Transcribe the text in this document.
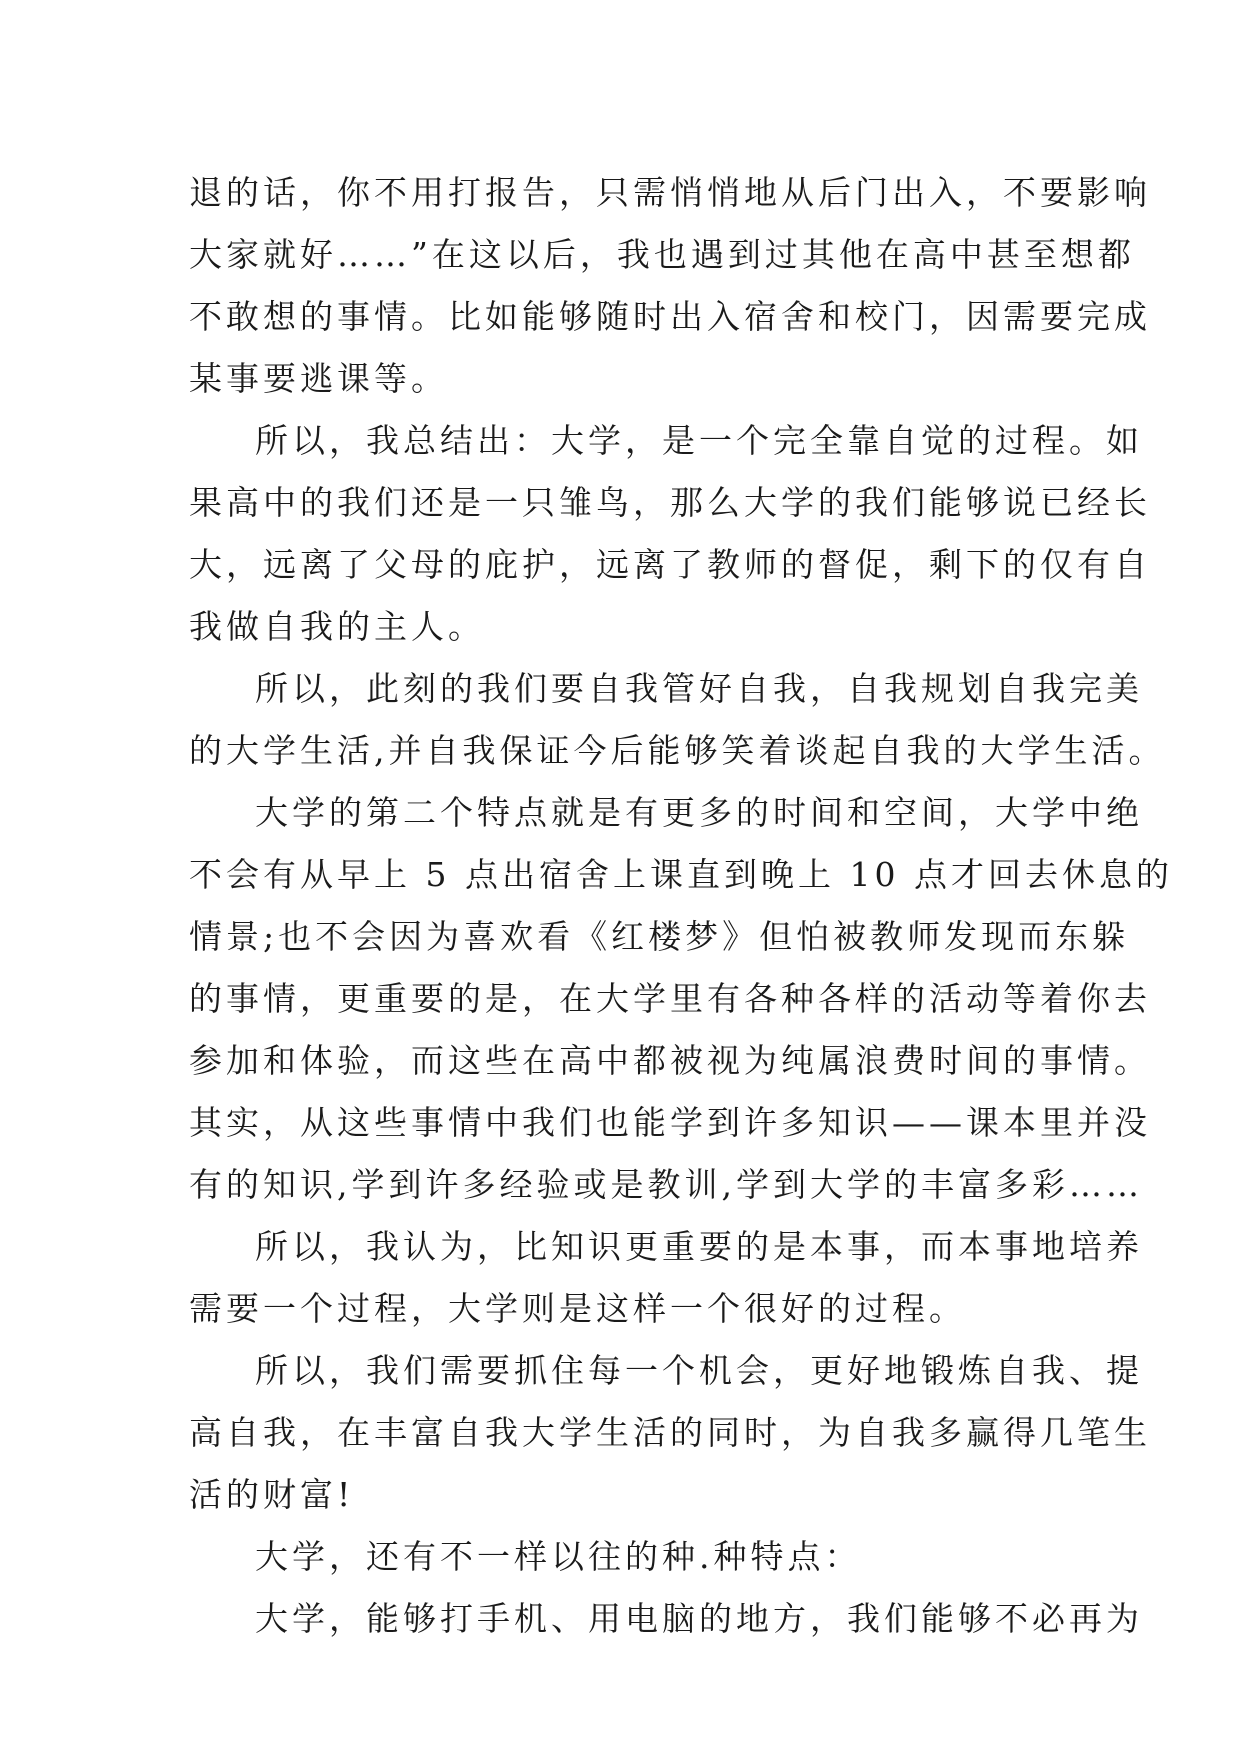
退的话，你不用打报告，只需悄悄地从后门出入，不要影响
大家就好……”在这以后，我也遇到过其他在高中甚至想都
不敢想的事情。比如能够随时出入宿舍和校门，因需要完成
某事要逃课等。
所以，我总结出：大学，是一个完全靠自觉的过程。如
果高中的我们还是一只雏鸟，那么大学的我们能够说已经长
大，远离了父母的庇护，远离了教师的督促，剩下的仅有自
我做自我的主人。
所以，此刻的我们要自我管好自我，自我规划自我完美
的大学生活,并自我保证今后能够笑着谈起自我的大学生活。
大学的第二个特点就是有更多的时间和空间，大学中绝
不会有从早上 5 点出宿舍上课直到晚上 10 点才回去休息的
情景;也不会因为喜欢看《红楼梦》但怕被教师发现而东躲
的事情，更重要的是，在大学里有各种各样的活动等着你去
参加和体验，而这些在高中都被视为纯属浪费时间的事情。
其实，从这些事情中我们也能学到许多知识——课本里并没
有的知识,学到许多经验或是教训,学到大学的丰富多彩……
所以，我认为，比知识更重要的是本事，而本事地培养
需要一个过程，大学则是这样一个很好的过程。
所以，我们需要抓住每一个机会，更好地锻炼自我、提
高自我，在丰富自我大学生活的同时，为自我多赢得几笔生
活的财富!
大学，还有不一样以往的种.种特点：
大学，能够打手机、用电脑的地方，我们能够不必再为
